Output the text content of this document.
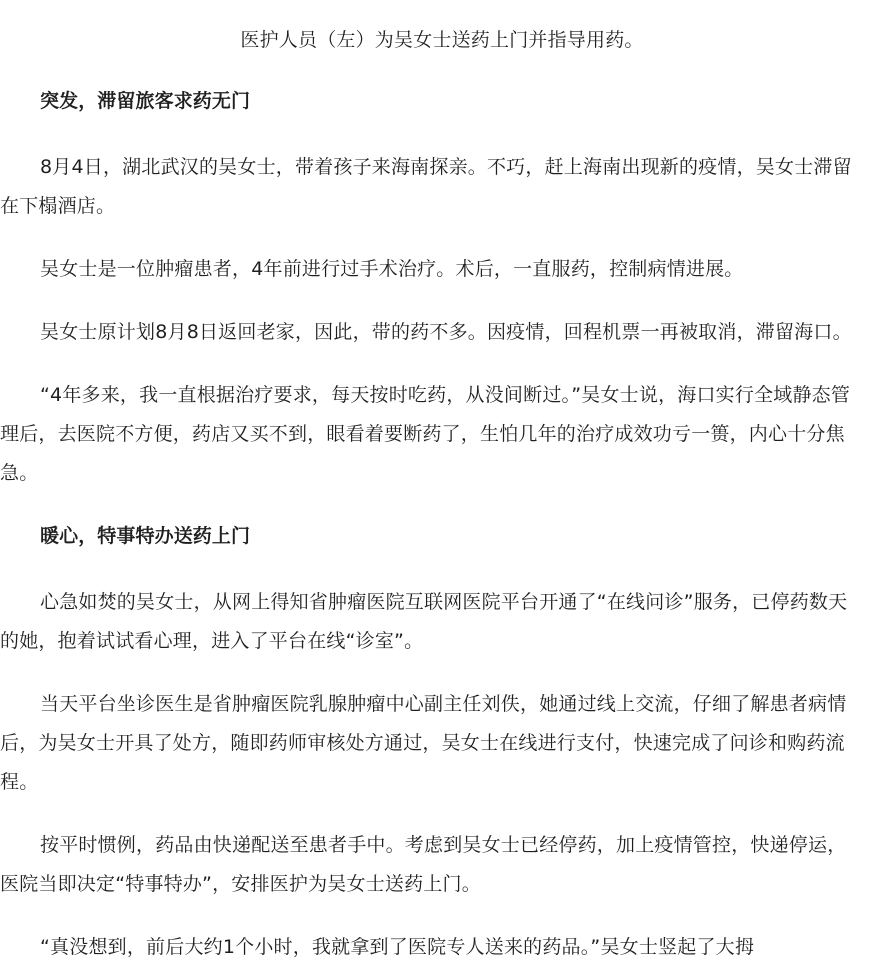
医护人员（左）为吴女士送药上门并指导用药。
突发，滞留旅客求药无门

8月4日，湖北武汉的吴女士，带着孩子来海南探亲。不巧，赶上海南出现新的疫情，吴女士滞留在下榻酒店。

吴女士是一位肿瘤患者，4年前进行过手术治疗。术后，一直服药，控制病情进展。

吴女士原计划8月8日返回老家，因此，带的药不多。因疫情，回程机票一再被取消，滞留海口。

“4年多来，我一直根据治疗要求，每天按时吃药，从没间断过。”吴女士说，海口实行全域静态管理后，去医院不方便，药店又买不到，眼看着要断药了，生怕几年的治疗成效功亏一篑，内心十分焦急。

暖心，特事特办送药上门

心急如焚的吴女士，从网上得知省肿瘤医院互联网医院平台开通了“在线问诊”服务，已停药数天的她，抱着试试看心理，进入了平台在线“诊室”。

当天平台坐诊医生是省肿瘤医院乳腺肿瘤中心副主任刘佚，她通过线上交流，仔细了解患者病情后，为吴女士开具了处方，随即药师审核处方通过，吴女士在线进行支付，快速完成了问诊和购药流程。

按平时惯例，药品由快递配送至患者手中。考虑到吴女士已经停药，加上疫情管控，快递停运，医院当即决定“特事特办”，安排医护为吴女士送药上门。

“真没想到，前后大约1个小时，我就拿到了医院专人送来的药品。”吴女士竖起了大拇
